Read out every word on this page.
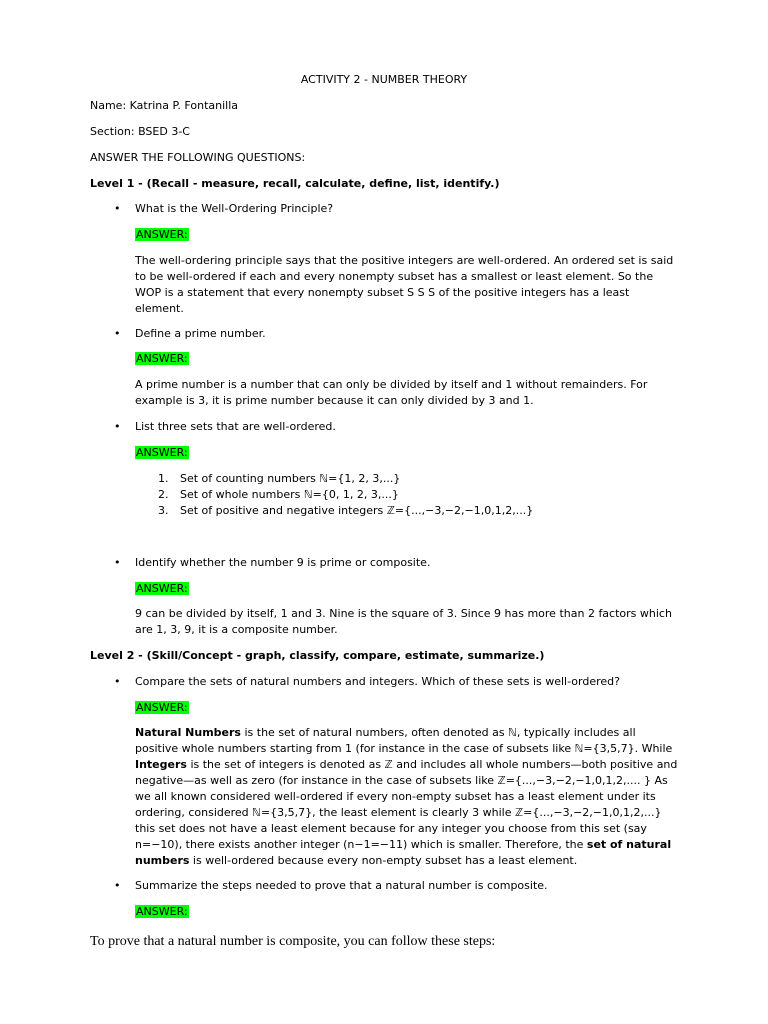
ACTIVITY 2 - NUMBER THEORY
Name: Katrina P. Fontanilla
Section: BSED 3-C
ANSWER THE FOLLOWING QUESTIONS:
Level 1 - (Recall - measure, recall, calculate, define, list, identify.)
• What is the Well-Ordering Principle?
ANSWER:
The well-ordering principle says that the positive integers are well-ordered. An ordered set is said to be well-ordered if each and every nonempty subset has a smallest or least element. So the WOP is a statement that every nonempty subset S S S of the positive integers has a least element.
• Define a prime number.
ANSWER:
A prime number is a number that can only be divided by itself and 1 without remainders. For example is 3, it is prime number because it can only divided by 3 and 1.
• List three sets that are well-ordered.
ANSWER:
1. Set of counting numbers ℕ={1, 2, 3,...}
2. Set of whole numbers ℕ={0, 1, 2, 3,...}
3. Set of positive and negative integers ℤ={...,−3,−2,−1,0,1,2,...}
• Identify whether the number 9 is prime or composite.
ANSWER:
9 can be divided by itself, 1 and 3. Nine is the square of 3. Since 9 has more than 2 factors which are 1, 3, 9, it is a composite number.
Level 2 - (Skill/Concept - graph, classify, compare, estimate, summarize.)
• Compare the sets of natural numbers and integers. Which of these sets is well-ordered?
ANSWER:
Natural Numbers is the set of natural numbers, often denoted as ℕ, typically includes all positive whole numbers starting from 1 (for instance in the case of subsets like ℕ={3,5,7}. While Integers is the set of integers is denoted as ℤ and includes all whole numbers—both positive and negative—as well as zero (for instance in the case of subsets like ℤ={...,−3,−2,−1,0,1,2,.... } As we all known considered well-ordered if every non-empty subset has a least element under its ordering, considered ℕ={3,5,7}, the least element is clearly 3 while ℤ={...,−3,−2,−1,0,1,2,...} this set does not have a least element because for any integer you choose from this set (say n=−10), there exists another integer (n−1=−11) which is smaller. Therefore, the set of natural numbers is well-ordered because every non-empty subset has a least element.
• Summarize the steps needed to prove that a natural number is composite.
ANSWER:
To prove that a natural number is composite, you can follow these steps:
